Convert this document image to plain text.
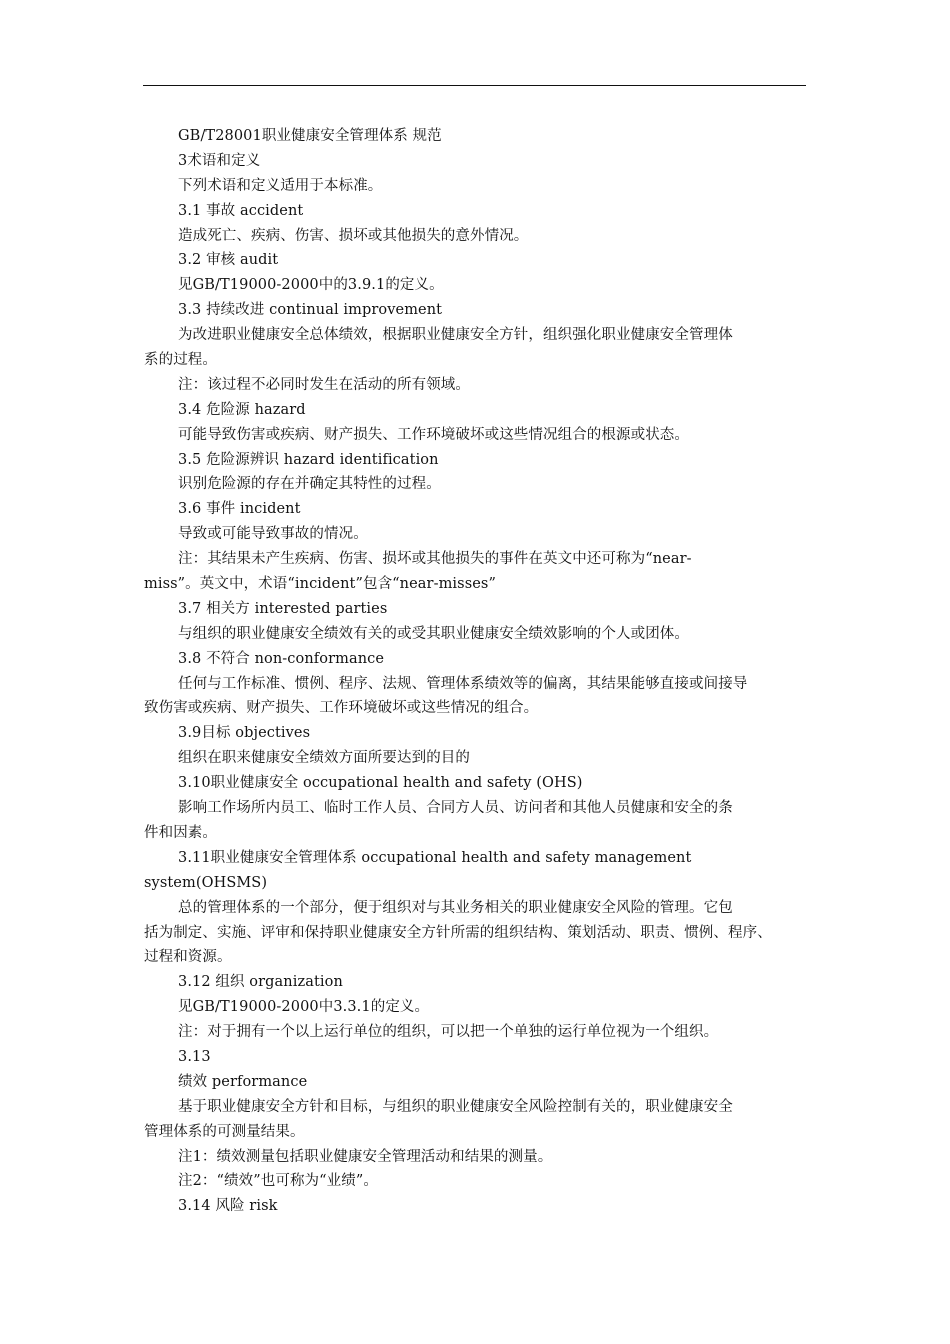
GB/T28001职业健康安全管理体系 规范
3术语和定义
下列术语和定义适用于本标准。
3.1 事故 accident
造成死亡、疾病、伤害、损坏或其他损失的意外情况。
3.2 审核 audit
见GB/T19000-2000中的3.9.1的定义。
3.3 持续改进 continual improvement
为改进职业健康安全总体绩效，根据职业健康安全方针，组织强化职业健康安全管理体
系的过程。
注：该过程不必同时发生在活动的所有领域。
3.4 危险源 hazard
可能导致伤害或疾病、财产损失、工作环境破坏或这些情况组合的根源或状态。
3.5 危险源辨识 hazard identification
识别危险源的存在并确定其特性的过程。
3.6 事件 incident
导致或可能导致事故的情况。
注：其结果未产生疾病、伤害、损坏或其他损失的事件在英文中还可称为“near-
miss”。英文中，术语“incident”包含“near-misses”
3.7 相关方 interested parties
与组织的职业健康安全绩效有关的或受其职业健康安全绩效影响的个人或团体。
3.8 不符合 non-conformance
任何与工作标准、惯例、程序、法规、管理体系绩效等的偏离，其结果能够直接或间接导
致伤害或疾病、财产损失、工作环境破坏或这些情况的组合。
3.9目标 objectives
组织在职来健康安全绩效方面所要达到的目的
3.10职业健康安全 occupational health and safety (OHS)
影响工作场所内员工、临时工作人员、合同方人员、访问者和其他人员健康和安全的条
件和因素。
3.11职业健康安全管理体系 occupational health and safety management
system(OHSMS)
总的管理体系的一个部分，便于组织对与其业务相关的职业健康安全风险的管理。它包
括为制定、实施、评审和保持职业健康安全方针所需的组织结构、策划活动、职责、惯例、程序、
过程和资源。
3.12 组织 organization
见GB/T19000-2000中3.3.1的定义。
注：对于拥有一个以上运行单位的组织，可以把一个单独的运行单位视为一个组织。
3.13
绩效 performance
基于职业健康安全方针和目标，与组织的职业健康安全风险控制有关的，职业健康安全
管理体系的可测量结果。
注1：绩效测量包括职业健康安全管理活动和结果的测量。
注2：“绩效”也可称为“业绩”。
3.14 风险 risk
